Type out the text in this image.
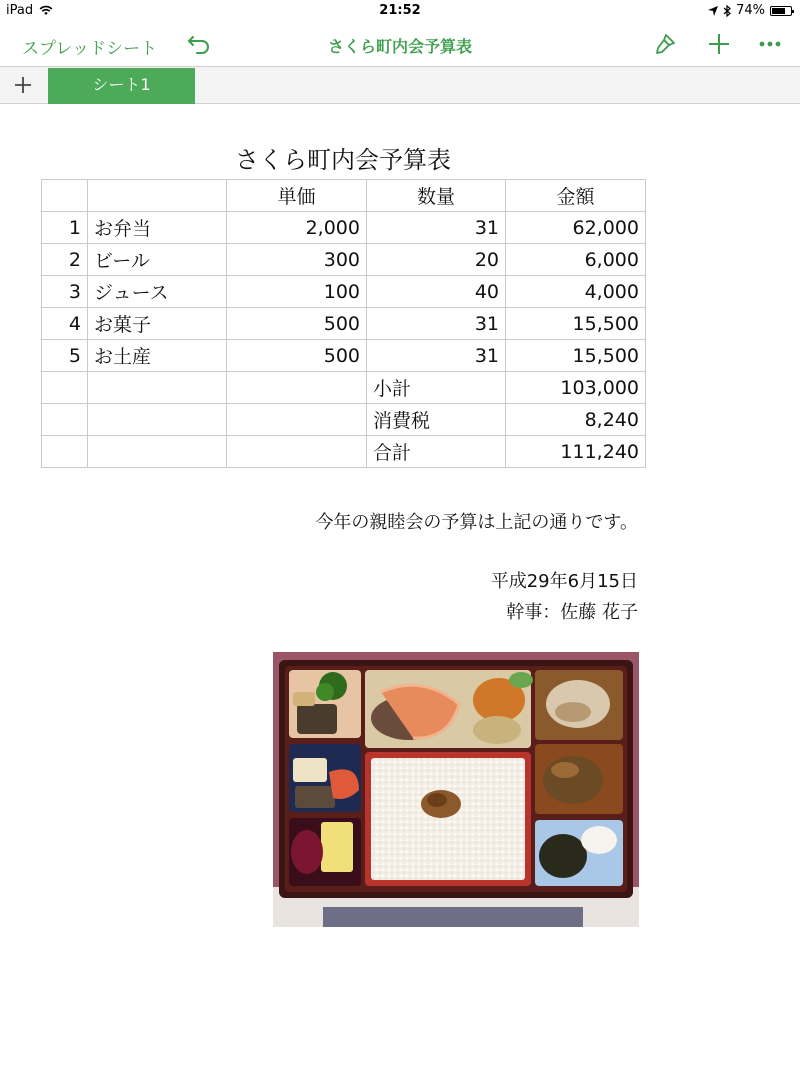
iPad	21:52	74%
スプレッドシート	さくら町内会予算表
シート1
さくら町内会予算表
		単価	数量	金額
1	お弁当	2,000	31	62,000
2	ビール	300	20	6,000
3	ジュース	100	40	4,000
4	お菓子	500	31	15,500
5	お土産	500	31	15,500
			小計	103,000
			消費税	8,240
			合計	111,240
今年の親睦会の予算は上記の通りです。
平成29年6月15日
幹事：佐藤 花子
